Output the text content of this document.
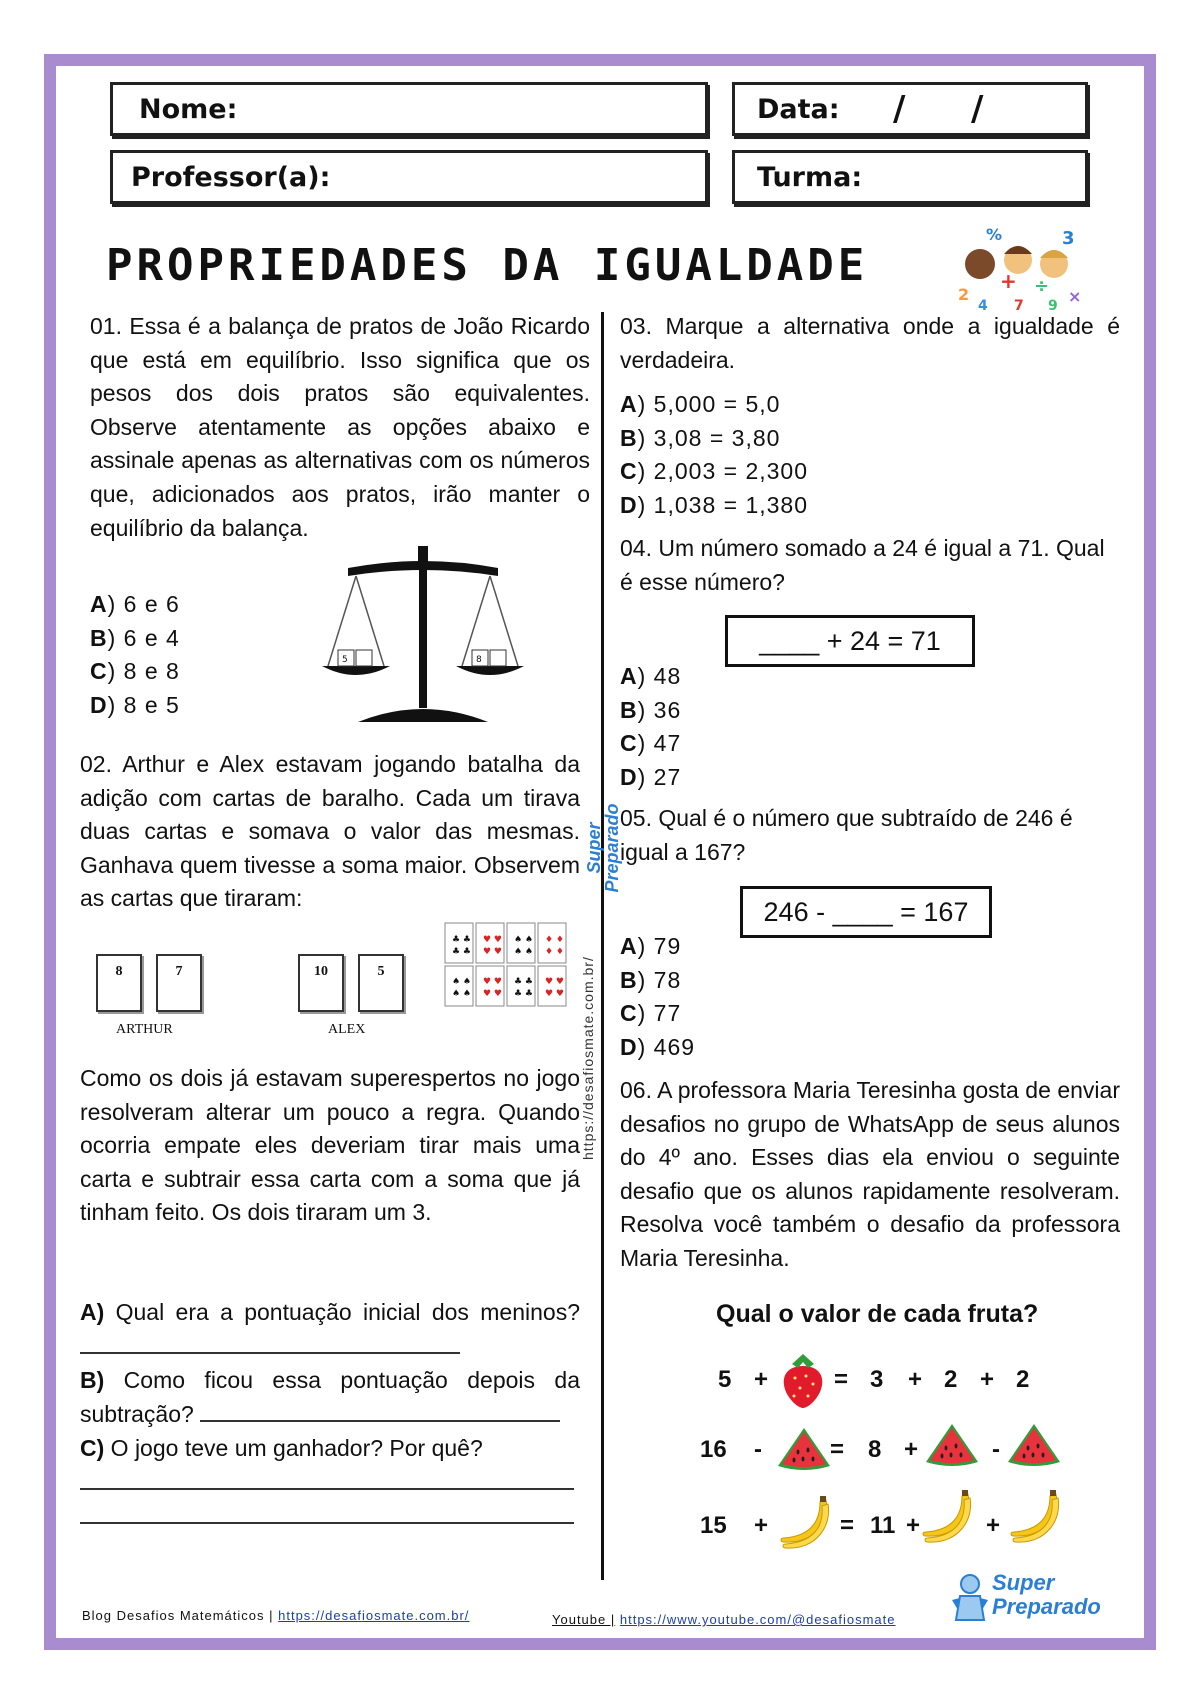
Nome:	Data: / /
Professor(a):	Turma:
PROPRIEDADES DA IGUALDADE
%	3
+ ÷
2	×
4 7 9
01. Essa é a balança de pratos de João Ricardo que está em equilíbrio. Isso significa que os pesos dos dois pratos são equivalentes. Observe atentamente as opções abaixo e assinale apenas as alternativas com os números que, adicionados aos pratos, irão manter o equilíbrio da balança.
A) 6 e 6
B) 6 e 4
C) 8 e 8
D) 8 e 5
5	8
02. Arthur e Alex estavam jogando batalha da adição com cartas de baralho. Cada um tirava duas cartas e somava o valor das mesmas. Ganhava quem tivesse a soma maior. Observem as cartas que tiraram:
8	7
ARTHUR
10	5
ALEX
♣ ♣
♣ ♣
♥ ♥
♥ ♥
♠ ♠
♠ ♠
♦ ♦
♦ ♦
♠ ♠
♠ ♠
♥ ♥
♥ ♥
♣ ♣
♣ ♣
♥ ♥
♥ ♥
Como os dois já estavam superespertos no jogo resolveram alterar um pouco a regra. Quando ocorria empate eles deveriam tirar mais uma carta e subtrair essa carta com a soma que já tinham feito. Os dois tiraram um 3.
A) Qual era a pontuação inicial dos meninos?
B) Como ficou essa pontuação depois da subtração?
C) O jogo teve um ganhador? Por quê?
Super Preparado
https://desafiosmate.com.br/
03. Marque a alternativa onde a igualdade é verdadeira.
A) 5,000 = 5,0
B) 3,08 = 3,80
C) 2,003 = 2,300
D) 1,038 = 1,380
04. Um número somado a 24 é igual a 71. Qual é esse número?
____ + 24 = 71
A) 48
B) 36
C) 47
D) 27
05. Qual é o número que subtraído de 246 é igual a 167?
246 - ____ = 167
A) 79
B) 78
C) 77
D) 469
06. A professora Maria Teresinha gosta de enviar desafios no grupo de WhatsApp de seus alunos do 4º ano. Esses dias ela enviou o seguinte desafio que os alunos rapidamente resolveram. Resolva você também o desafio da professora Maria Teresinha.
Qual o valor de cada fruta?
5 +	= 3 + 2 + 2
16 -	= 8 +	-
15 +	= 11 +	+
Blog Desafios Matemáticos | https://desafiosmate.com.br/	Youtube | https://www.youtube.com/@desafiosmate
Super
Preparado
